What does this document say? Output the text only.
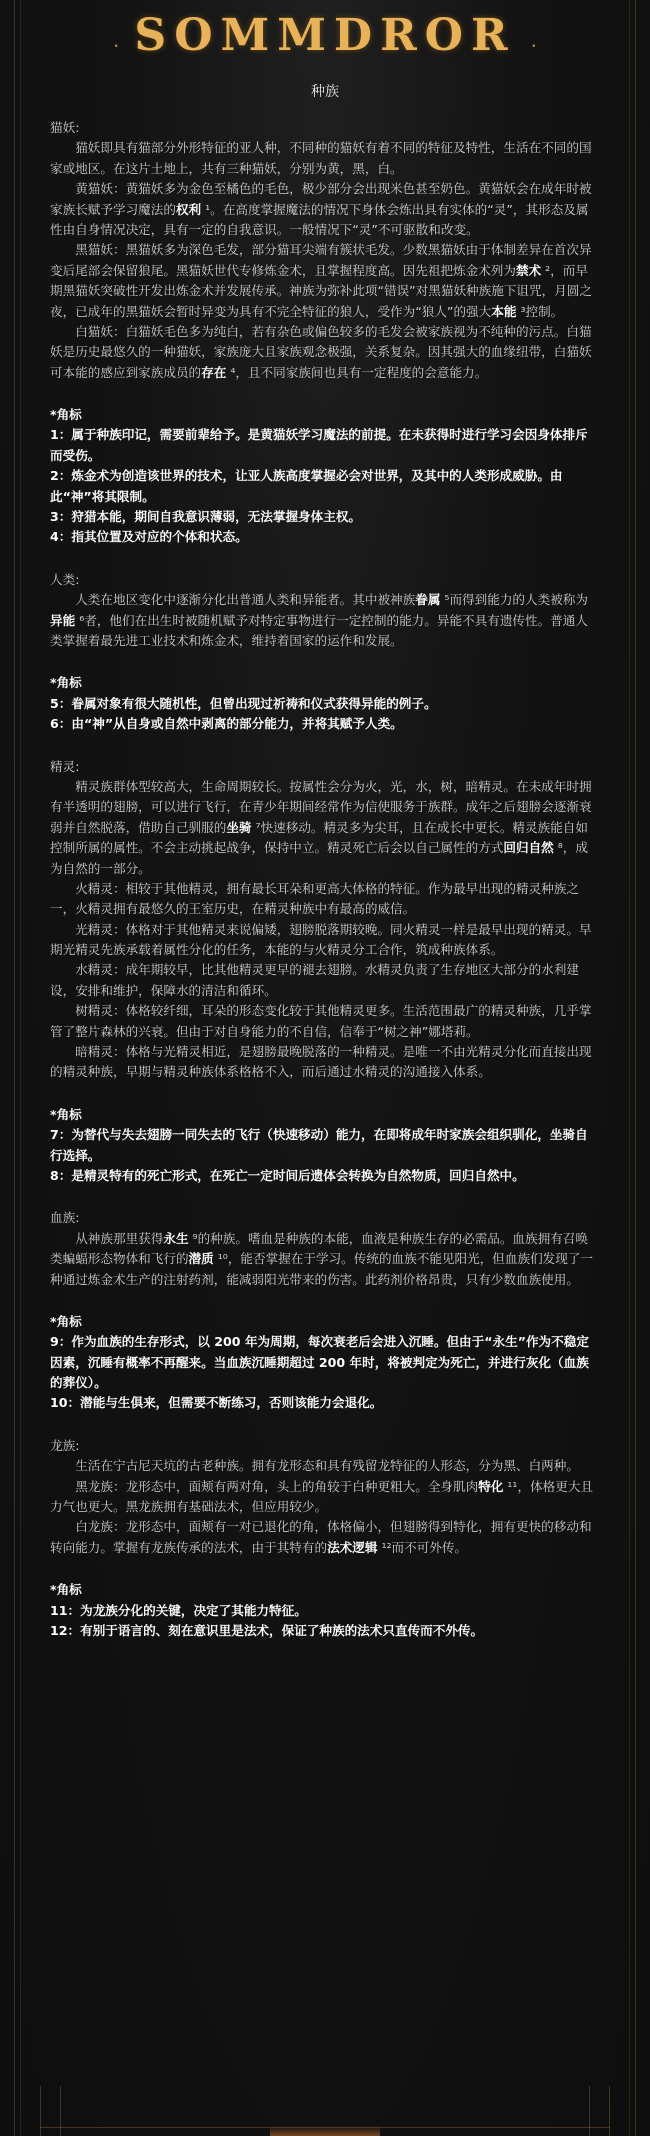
· SOMMDROR ·
种族

猫妖:

猫妖即具有猫部分外形特征的亚人种，不同种的猫妖有着不同的特征及特性，生活在不同的国家或地区。在这片土地上，共有三种猫妖，分别为黄，黑，白。

黄猫妖：黄猫妖多为金色至橘色的毛色，极少部分会出现米色甚至奶色。黄猫妖会在成年时被家族长赋予学习魔法的权利 ¹。在高度掌握魔法的情况下身体会炼出具有实体的“灵”，其形态及属性由自身情况决定，具有一定的自我意识。一般情况下“灵”不可驱散和改变。

黑猫妖：黑猫妖多为深色毛发，部分猫耳尖端有簇状毛发。少数黑猫妖由于体制差异在首次异变后尾部会保留狼尾。黑猫妖世代专修炼金术，且掌握程度高。因先祖把炼金术列为禁术 ²，而早期黑猫妖突破性开发出炼金术并发展传承。神族为弥补此项“错误”对黑猫妖种族施下诅咒，月圆之夜，已成年的黑猫妖会暂时异变为具有不完全特征的狼人，受作为“狼人”的强大本能 ³控制。

白猫妖：白猫妖毛色多为纯白，若有杂色或偏色较多的毛发会被家族视为不纯种的污点。白猫妖是历史最悠久的一种猫妖，家族庞大且家族观念极强，关系复杂。因其强大的血缘纽带，白猫妖可本能的感应到家族成员的存在 ⁴，且不同家族间也具有一定程度的会意能力。

*角标

1：属于种族印记，需要前辈给予。是黄猫妖学习魔法的前提。在未获得时进行学习会因身体排斥而受伤。

2：炼金术为创造该世界的技术，让亚人族高度掌握必会对世界，及其中的人类形成威胁。由此“神”将其限制。

3：狩猎本能，期间自我意识薄弱，无法掌握身体主权。

4：指其位置及对应的个体和状态。

人类:

人类在地区变化中逐渐分化出普通人类和异能者。其中被神族眷属 ⁵而得到能力的人类被称为异能 ⁶者，他们在出生时被随机赋予对特定事物进行一定控制的能力。异能不具有遗传性。普通人类掌握着最先进工业技术和炼金术，维持着国家的运作和发展。

*角标

5：眷属对象有很大随机性，但曾出现过祈祷和仪式获得异能的例子。

6：由“神”从自身或自然中剥离的部分能力，并将其赋予人类。

精灵:

精灵族群体型较高大，生命周期较长。按属性会分为火，光，水，树，暗精灵。在未成年时拥有半透明的翅膀，可以进行飞行，在青少年期间经常作为信使服务于族群。成年之后翅膀会逐渐衰弱并自然脱落，借助自己驯服的坐骑 ⁷快速移动。精灵多为尖耳，且在成长中更长。精灵族能自如控制所属的属性。不会主动挑起战争，保持中立。精灵死亡后会以自己属性的方式回归自然 ⁸，成为自然的一部分。

火精灵：相较于其他精灵，拥有最长耳朵和更高大体格的特征。作为最早出现的精灵种族之一，火精灵拥有最悠久的王室历史，在精灵种族中有最高的威信。

光精灵：体格对于其他精灵来说偏矮，翅膀脱落期较晚。同火精灵一样是最早出现的精灵。早期光精灵先族承载着属性分化的任务，本能的与火精灵分工合作，筑成种族体系。

水精灵：成年期较早，比其他精灵更早的褪去翅膀。水精灵负责了生存地区大部分的水利建设，安排和维护，保障水的清洁和循环。

树精灵：体格较纤细，耳朵的形态变化较于其他精灵更多。生活范围最广的精灵种族，几乎掌管了整片森林的兴衰。但由于对自身能力的不自信，信奉于“树之神”娜塔莉。

暗精灵：体格与光精灵相近，是翅膀最晚脱落的一种精灵。是唯一不由光精灵分化而直接出现的精灵种族，早期与精灵种族体系格格不入，而后通过水精灵的沟通接入体系。

*角标

7：为替代与失去翅膀一同失去的飞行（快速移动）能力，在即将成年时家族会组织驯化，坐骑自行选择。

8：是精灵特有的死亡形式，在死亡一定时间后遗体会转换为自然物质，回归自然中。

血族:

从神族那里获得永生 ⁹的种族。嗜血是种族的本能，血液是种族生存的必需品。血族拥有召唤类蝙蝠形态物体和飞行的潜质 ¹⁰，能否掌握在于学习。传统的血族不能见阳光，但血族们发现了一种通过炼金术生产的注射药剂，能减弱阳光带来的伤害。此药剂价格昂贵，只有少数血族使用。

*角标

9：作为血族的生存形式，以 200 年为周期，每次衰老后会进入沉睡。但由于“永生”作为不稳定因素，沉睡有概率不再醒来。当血族沉睡期超过 200 年时，将被判定为死亡，并进行灰化（血族的葬仪）。

10：潜能与生俱来，但需要不断练习，否则该能力会退化。

龙族:

生活在宁古尼天坑的古老种族。拥有龙形态和具有残留龙特征的人形态，分为黑、白两种。

黑龙族：龙形态中，面颊有两对角，头上的角较于白种更粗大。全身肌肉特化 ¹¹，体格更大且力气也更大。黑龙族拥有基础法术，但应用较少。

白龙族：龙形态中，面颊有一对已退化的角，体格偏小，但翅膀得到特化，拥有更快的移动和转向能力。掌握有龙族传承的法术，由于其特有的法术逻辑 ¹²而不可外传。

*角标

11：为龙族分化的关键，决定了其能力特征。

12：有别于语言的、刻在意识里是法术，保证了种族的法术只直传而不外传。
